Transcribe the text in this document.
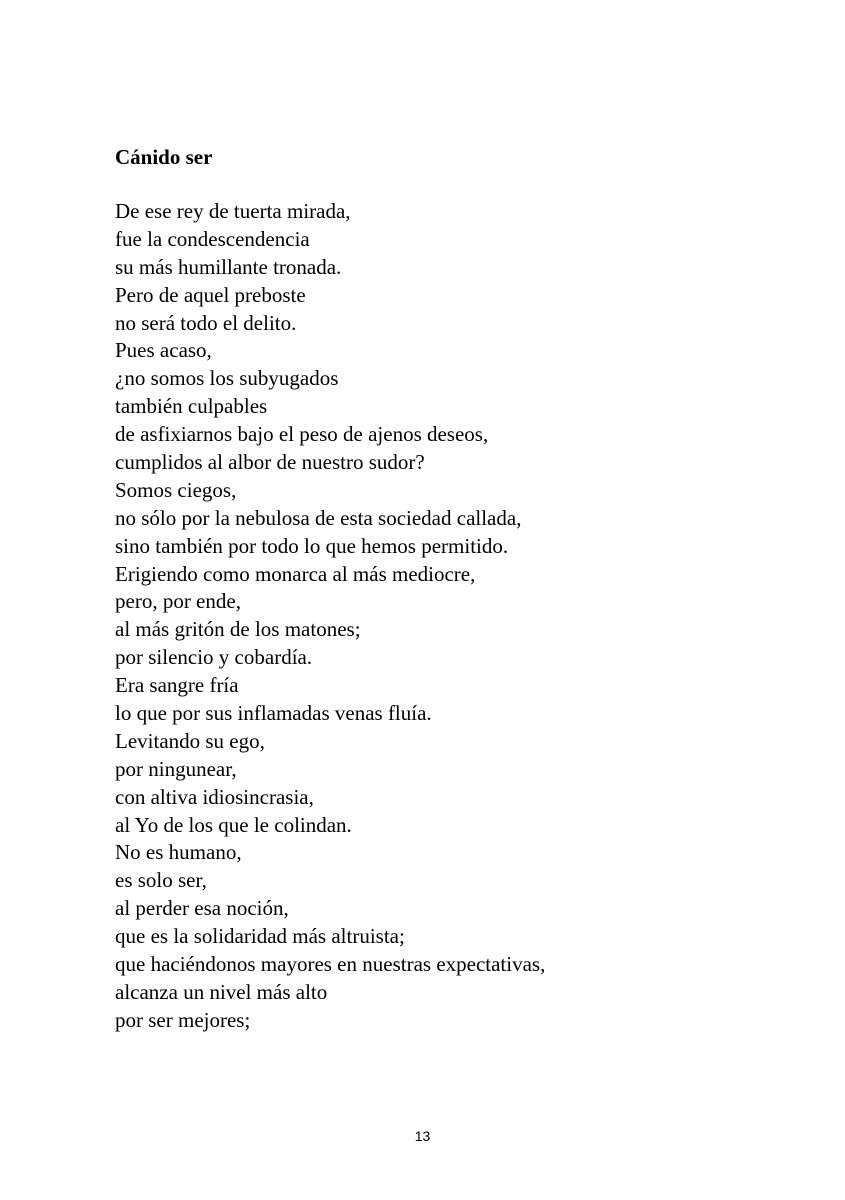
Cánido ser
De ese rey de tuerta mirada,
fue la condescendencia
su más humillante tronada.
Pero de aquel preboste
no será todo el delito.
Pues acaso,
¿no somos los subyugados
también culpables
de asfixiarnos bajo el peso de ajenos deseos,
cumplidos al albor de nuestro sudor?
Somos ciegos,
no sólo por la nebulosa de esta sociedad callada,
sino también por todo lo que hemos permitido.
Erigiendo como monarca al más mediocre,
pero, por ende,
al más gritón de los matones;
por silencio y cobardía.
Era sangre fría
lo que por sus inflamadas venas fluía.
Levitando su ego,
por ningunear,
con altiva idiosincrasia,
al Yo de los que le colindan.
No es humano,
es solo ser,
al perder esa noción,
que es la solidaridad más altruista;
que haciéndonos mayores en nuestras expectativas,
alcanza un nivel más alto
por ser mejores;
13
